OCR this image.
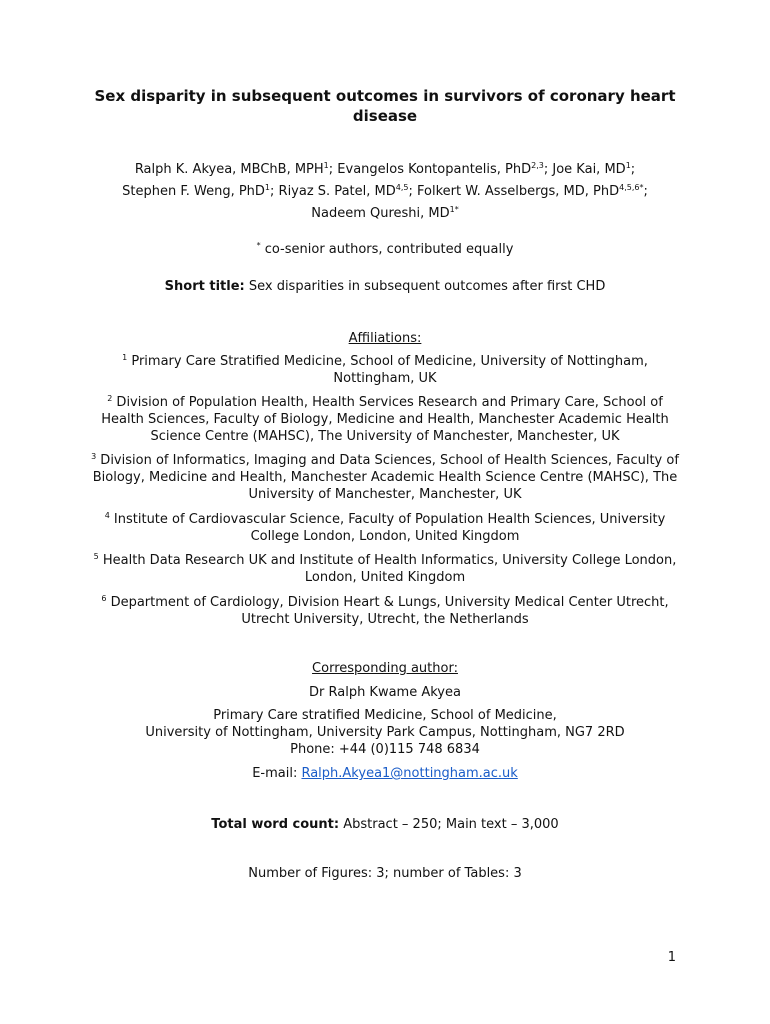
Sex disparity in subsequent outcomes in survivors of coronary heart disease
Ralph K. Akyea, MBChB, MPH$^1$; Evangelos Kontopantelis, PhD$^{2,3}$; Joe Kai, $MD^1$;
Stephen F. Weng, PhD$^1$; Riyaz S. Patel, MD$^{4,5}$; Folkert W. Asselbergs, MD, PhD$^{4,5,6*}$;
Nadeem Qureshi, $MD^{1*}$
* co-senior authors, contributed equally
Short title: Sex disparities in subsequent outcomes after first CHD
Affiliations:
$^1$ Primary Care Stratified Medicine, School of Medicine, University of Nottingham, Nottingham, UK
$^2$ Division of Population Health, Health Services Research and Primary Care, School of Health Sciences, Faculty of Biology, Medicine and Health, Manchester Academic Health Science Centre (MAHSC), The University of Manchester, Manchester, UK
$^3$ Division of Informatics, Imaging and Data Sciences, School of Health Sciences, Faculty of Biology, Medicine and Health, Manchester Academic Health Science Centre (MAHSC), The University of Manchester, Manchester, UK
$^4$ Institute of Cardiovascular Science, Faculty of Population Health Sciences, University College London, London, United Kingdom
$^5$ Health Data Research UK and Institute of Health Informatics, University College London, London, United Kingdom
$^6$ Department of Cardiology, Division Heart & Lungs, University Medical Center Utrecht, Utrecht University, Utrecht, the Netherlands
Corresponding author:
Dr Ralph Kwame Akyea
Primary Care stratified Medicine, School of Medicine,
University of Nottingham, University Park Campus, Nottingham, NG7 2RD
Phone: +44 (0)115 748 6834
E-mail: Ralph.Akyea1@nottingham.ac.uk
Total word count: Abstract – 250; Main text – 3,000
Number of Figures: 3; number of Tables: 3
1
